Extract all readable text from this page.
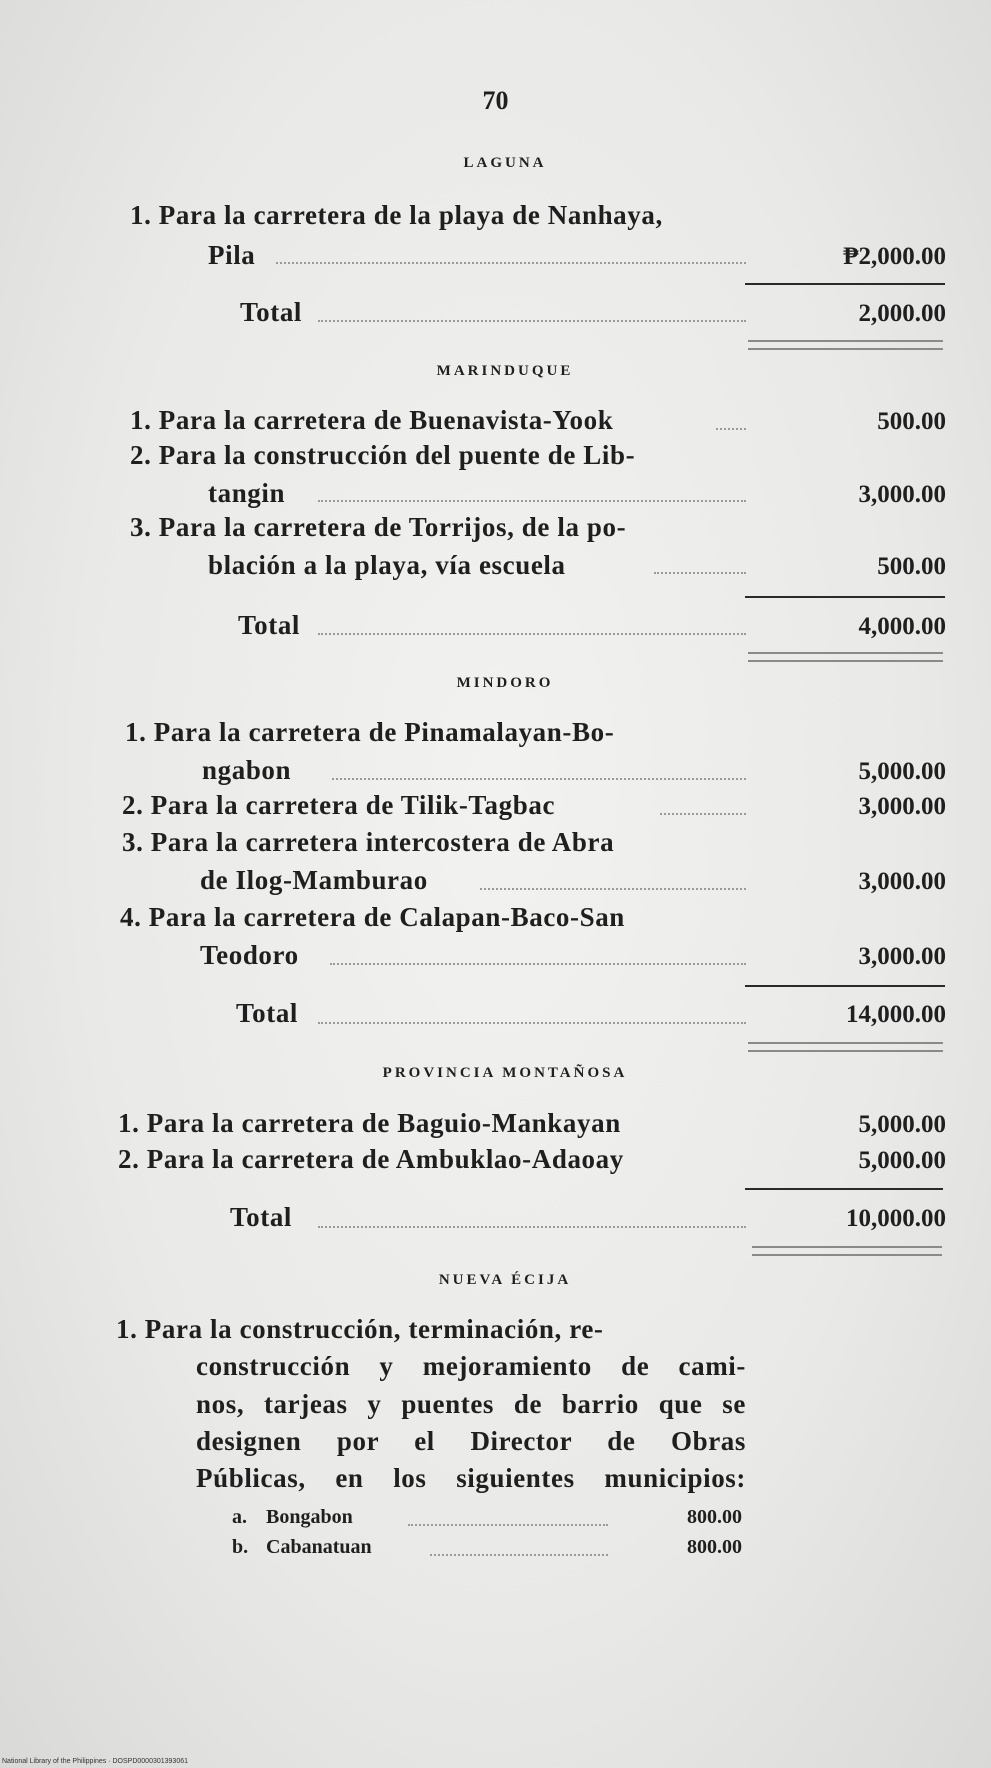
70
LAGUNA
1. Para la carretera de la playa de Nanhaya,
Pila	₱2,000.00
Total	2,000.00
MARINDUQUE
1. Para la carretera de Buenavista-Yook	500.00
2. Para la construcción del puente de Lib-
tangin	3,000.00
3. Para la carretera de Torrijos, de la po-
blación a la playa, vía escuela	500.00
Total	4,000.00
MINDORO
1. Para la carretera de Pinamalayan-Bo-
ngabon	5,000.00
2. Para la carretera de Tilik-Tagbac	3,000.00
3. Para la carretera intercostera de Abra
de Ilog-Mamburao	3,000.00
4. Para la carretera de Calapan-Baco-San
Teodoro	3,000.00
Total	14,000.00
PROVINCIA MONTAÑOSA
1. Para la carretera de Baguio-Mankayan	5,000.00
2. Para la carretera de Ambuklao-Adaoay	5,000.00
Total	10,000.00
NUEVA ÉCIJA
1. Para la construcción, terminación, re-
construcción y mejoramiento de cami-
nos, tarjeas y puentes de barrio que se
designen por el Director de Obras
Públicas, en los siguientes municipios:
a. Bongabon	800.00
b. Cabanatuan	800.00
National Library of the Philippines · DOSPD0000301393061
